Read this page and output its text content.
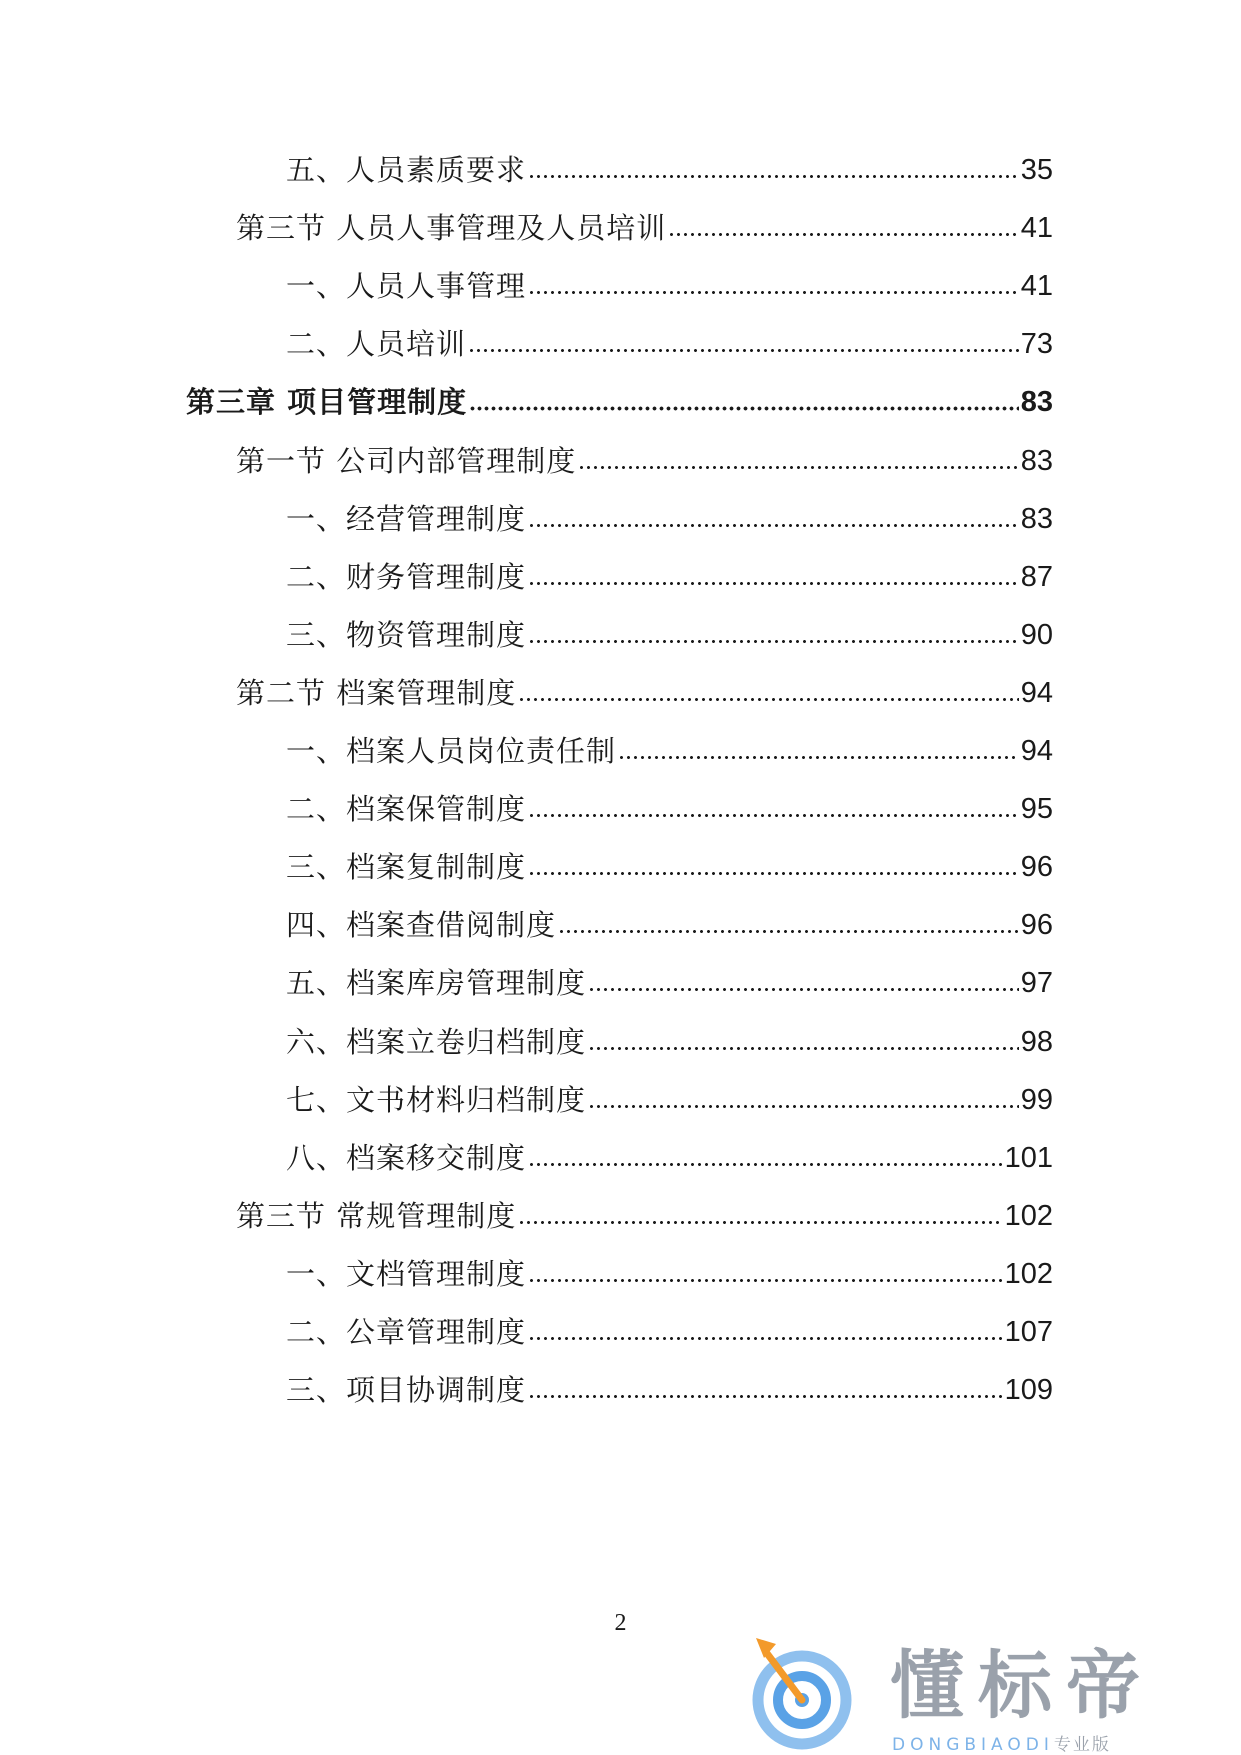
五、人员素质要求	35
第三节 人员人事管理及人员培训	41
一、人员人事管理	41
二、人员培训	73
第三章 项目管理制度	83
第一节 公司内部管理制度	83
一、经营管理制度	83
二、财务管理制度	87
三、物资管理制度	90
第二节 档案管理制度	94
一、档案人员岗位责任制	94
二、档案保管制度	95
三、档案复制制度	96
四、档案查借阅制度	96
五、档案库房管理制度	97
六、档案立卷归档制度	98
七、文书材料归档制度	99
八、档案移交制度	101
第三节 常规管理制度	102
一、文档管理制度	102
二、公章管理制度	107
三、项目协调制度	109
2
懂标帝
DONGBIAODI专业版
